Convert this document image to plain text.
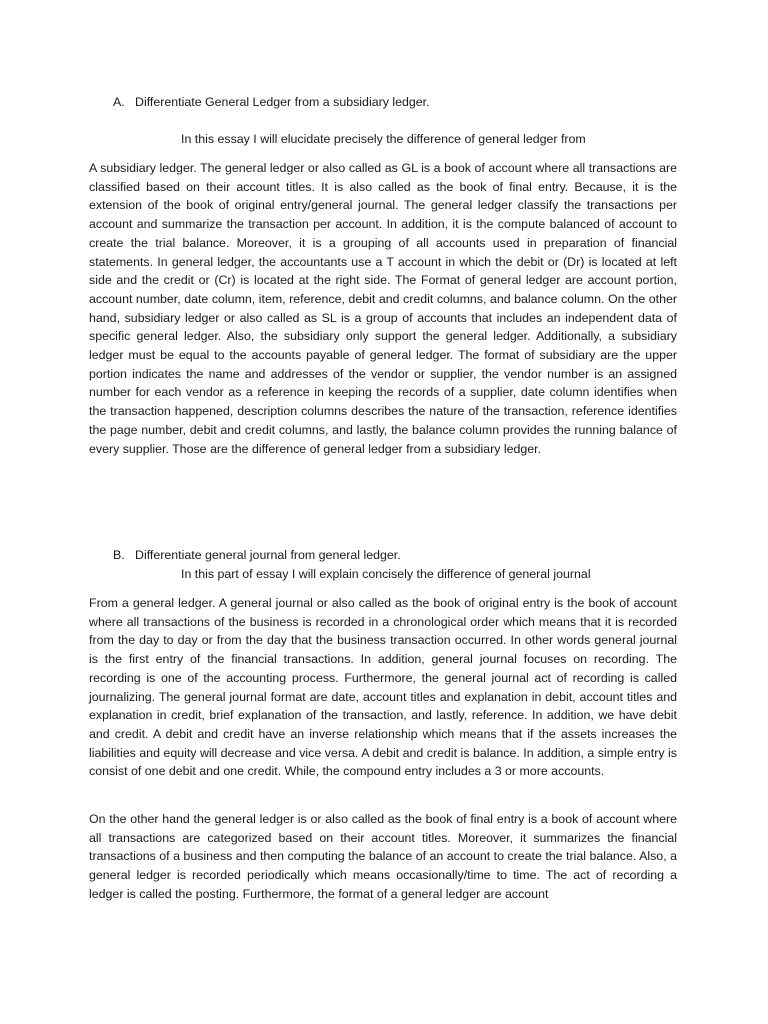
A. Differentiate General Ledger from a subsidiary ledger.
In this essay I will elucidate precisely the difference of general ledger from

A subsidiary ledger. The general ledger or also called as GL is a book of account where all transactions are classified based on their account titles. It is also called as the book of final entry. Because, it is the extension of the book of original entry/general journal. The general ledger classify the transactions per account and summarize the transaction per account. In addition, it is the compute balanced of account to create the trial balance. Moreover, it is a grouping of all accounts used in preparation of financial statements. In general ledger, the accountants use a T account in which the debit or (Dr) is located at left side and the credit or (Cr) is located at the right side. The Format of general ledger are account portion, account number, date column, item, reference, debit and credit columns, and balance column. On the other hand, subsidiary ledger or also called as SL is a group of accounts that includes an independent data of specific general ledger. Also, the subsidiary only support the general ledger. Additionally, a subsidiary ledger must be equal to the accounts payable of general ledger. The format of subsidiary are the upper portion indicates the name and addresses of the vendor or supplier, the vendor number is an assigned number for each vendor as a reference in keeping the records of a supplier, date column identifies when the transaction happened, description columns describes the nature of the transaction, reference identifies the page number, debit and credit columns, and lastly, the balance column provides the running balance of every supplier. Those are the difference of general ledger from a subsidiary ledger.

B. Differentiate general journal from general ledger.
In this part of essay I will explain concisely the difference of general journal

From a general ledger. A general journal or also called as the book of original entry is the book of account where all transactions of the business is recorded in a chronological order which means that it is recorded from the day to day or from the day that the business transaction occurred. In other words general journal is the first entry of the financial transactions. In addition, general journal focuses on recording. The recording is one of the accounting process. Furthermore, the general journal act of recording is called journalizing. The general journal format are date, account titles and explanation in debit, account titles and explanation in credit, brief explanation of the transaction, and lastly, reference. In addition, we have debit and credit. A debit and credit have an inverse relationship which means that if the assets increases the liabilities and equity will decrease and vice versa. A debit and credit is balance. In addition, a simple entry is consist of one debit and one credit. While, the compound entry includes a 3 or more accounts.

On the other hand the general ledger is or also called as the book of final entry is a book of account where all transactions are categorized based on their account titles. Moreover, it summarizes the financial transactions of a business and then computing the balance of an account to create the trial balance. Also, a general ledger is recorded periodically which means occasionally/time to time. The act of recording a ledger is called the posting. Furthermore, the format of a general ledger are account
